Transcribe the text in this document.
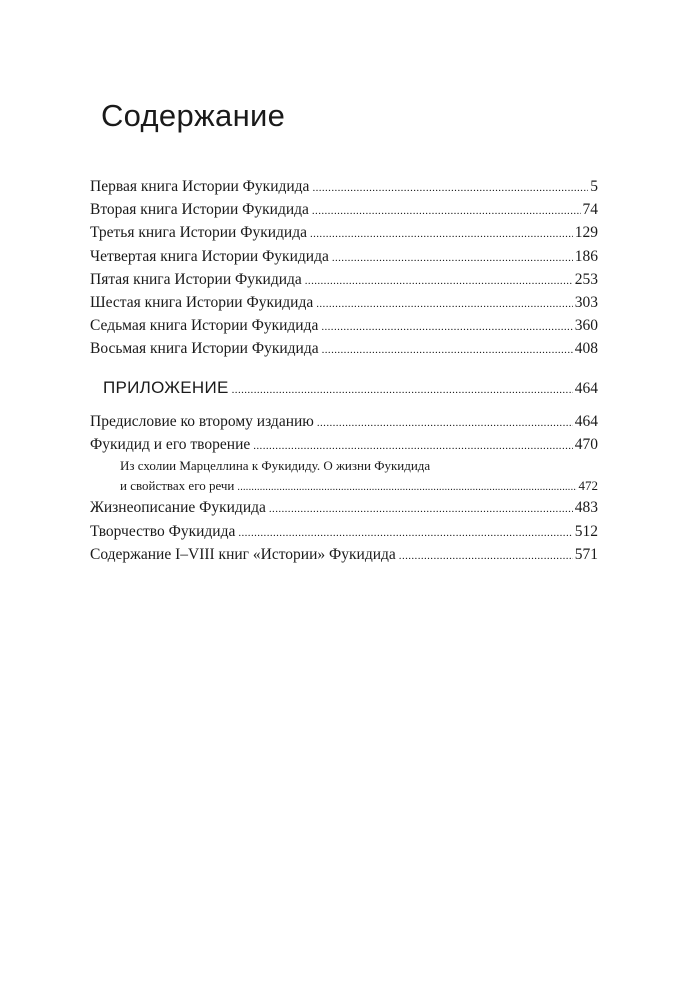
Содержание
Первая книга Истории Фукидида .....	5
Вторая книга Истории Фукидида .....	74
Третья книга Истории Фукидида .....	129
Четвертая книга Истории Фукидида .....	186
Пятая книга Истории Фукидида .....	253
Шестая книга Истории Фукидида .....	303
Седьмая книга Истории Фукидида .....	360
Восьмая книга Истории Фукидида .....	408
ПРИЛОЖЕНИЕ .....	464
Предисловие ко второму изданию .....	464
Фукидид и его творение .....	470
Из схолии Марцеллина к Фукидиду. О жизни Фукидида
и свойствах его речи .....	472
Жизнеописание Фукидида .....	483
Творчество Фукидида .....	512
Содержание I–VIII книг «Истории» Фукидида .....	571
